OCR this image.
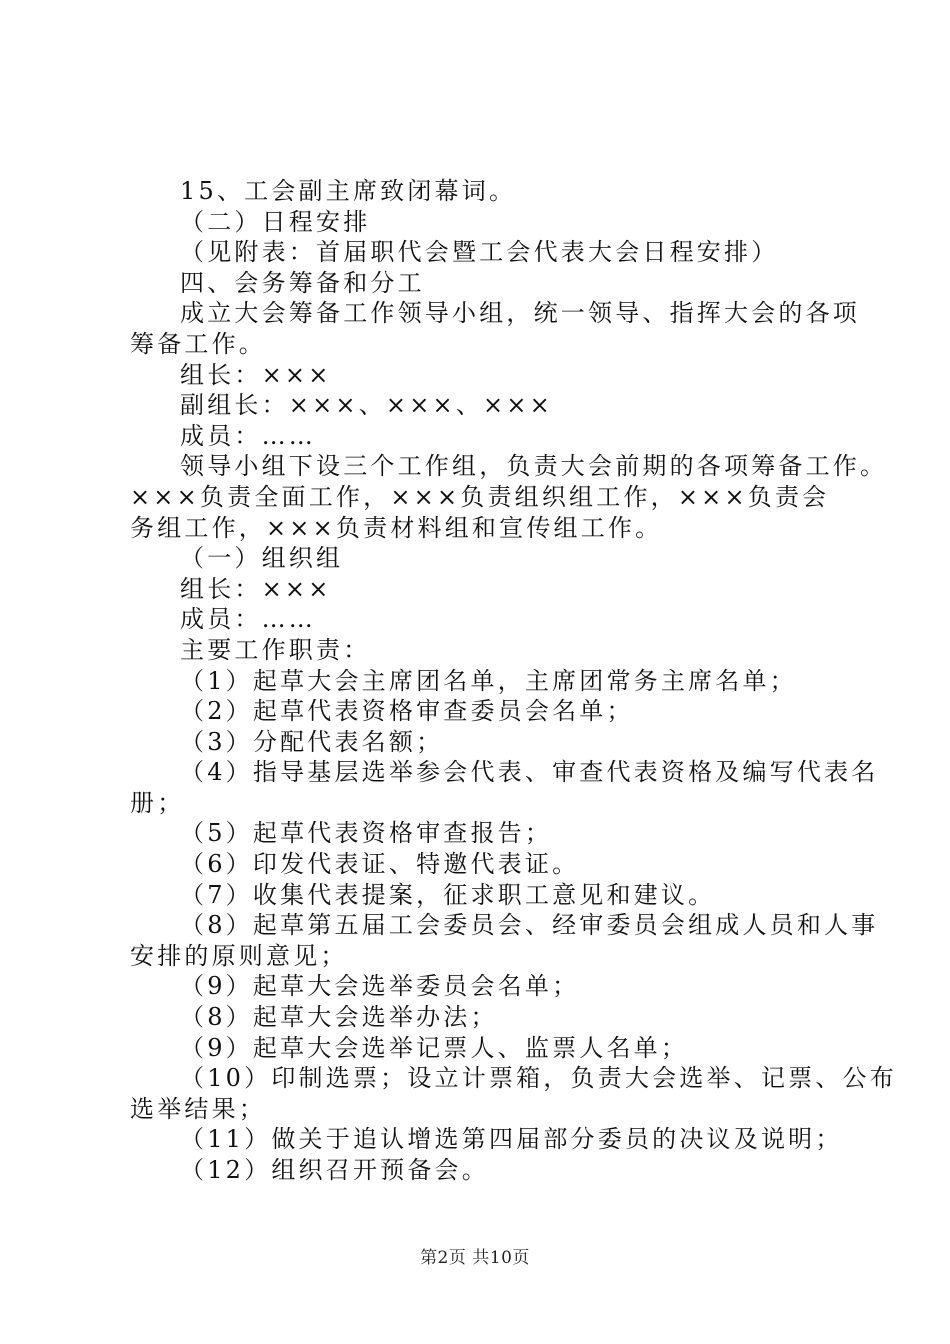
15、工会副主席致闭幕词。
（二）日程安排
（见附表：首届职代会暨工会代表大会日程安排）
四、会务筹备和分工
成立大会筹备工作领导小组，统一领导、指挥大会的各项
筹备工作。
组长：×××
副组长：×××、×××、×××
成员：……
领导小组下设三个工作组，负责大会前期的各项筹备工作。
×××负责全面工作，×××负责组织组工作，×××负责会
务组工作，×××负责材料组和宣传组工作。
（一）组织组
组长：×××
成员：……
主要工作职责：
（1）起草大会主席团名单，主席团常务主席名单；
（2）起草代表资格审查委员会名单；
（3）分配代表名额；
（4）指导基层选举参会代表、审查代表资格及编写代表名
册；
（5）起草代表资格审查报告；
（6）印发代表证、特邀代表证。
（7）收集代表提案，征求职工意见和建议。
（8）起草第五届工会委员会、经审委员会组成人员和人事
安排的原则意见；
（9）起草大会选举委员会名单；
（8）起草大会选举办法；
（9）起草大会选举记票人、监票人名单；
（10）印制选票；设立计票箱，负责大会选举、记票、公布
选举结果；
（11）做关于追认增选第四届部分委员的决议及说明；
（12）组织召开预备会。
第2页 共10页
